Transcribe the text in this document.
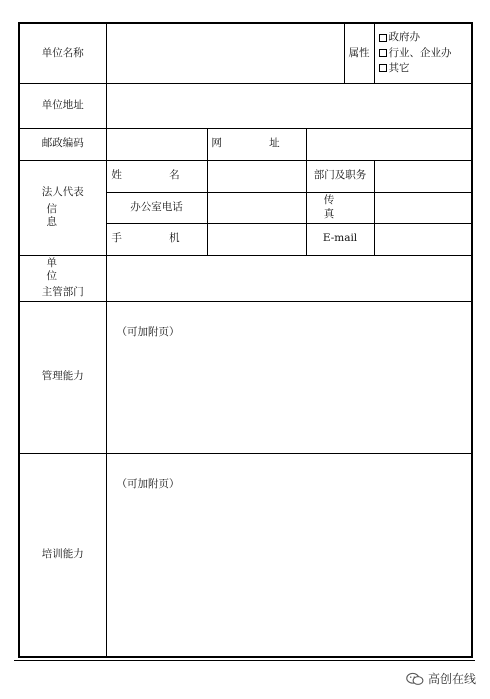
单位名称				属性	政府办
行业、企业办
其它

单位地址					
邮政编码		网 址			

法人代表
信 息	姓 名		部门及职务		
	办公室电话		传 真		
	手 机		E-mail		

单 位
主管部门					

管理能力	（可加附页）				
培训能力	（可加附页）				
高创在线
